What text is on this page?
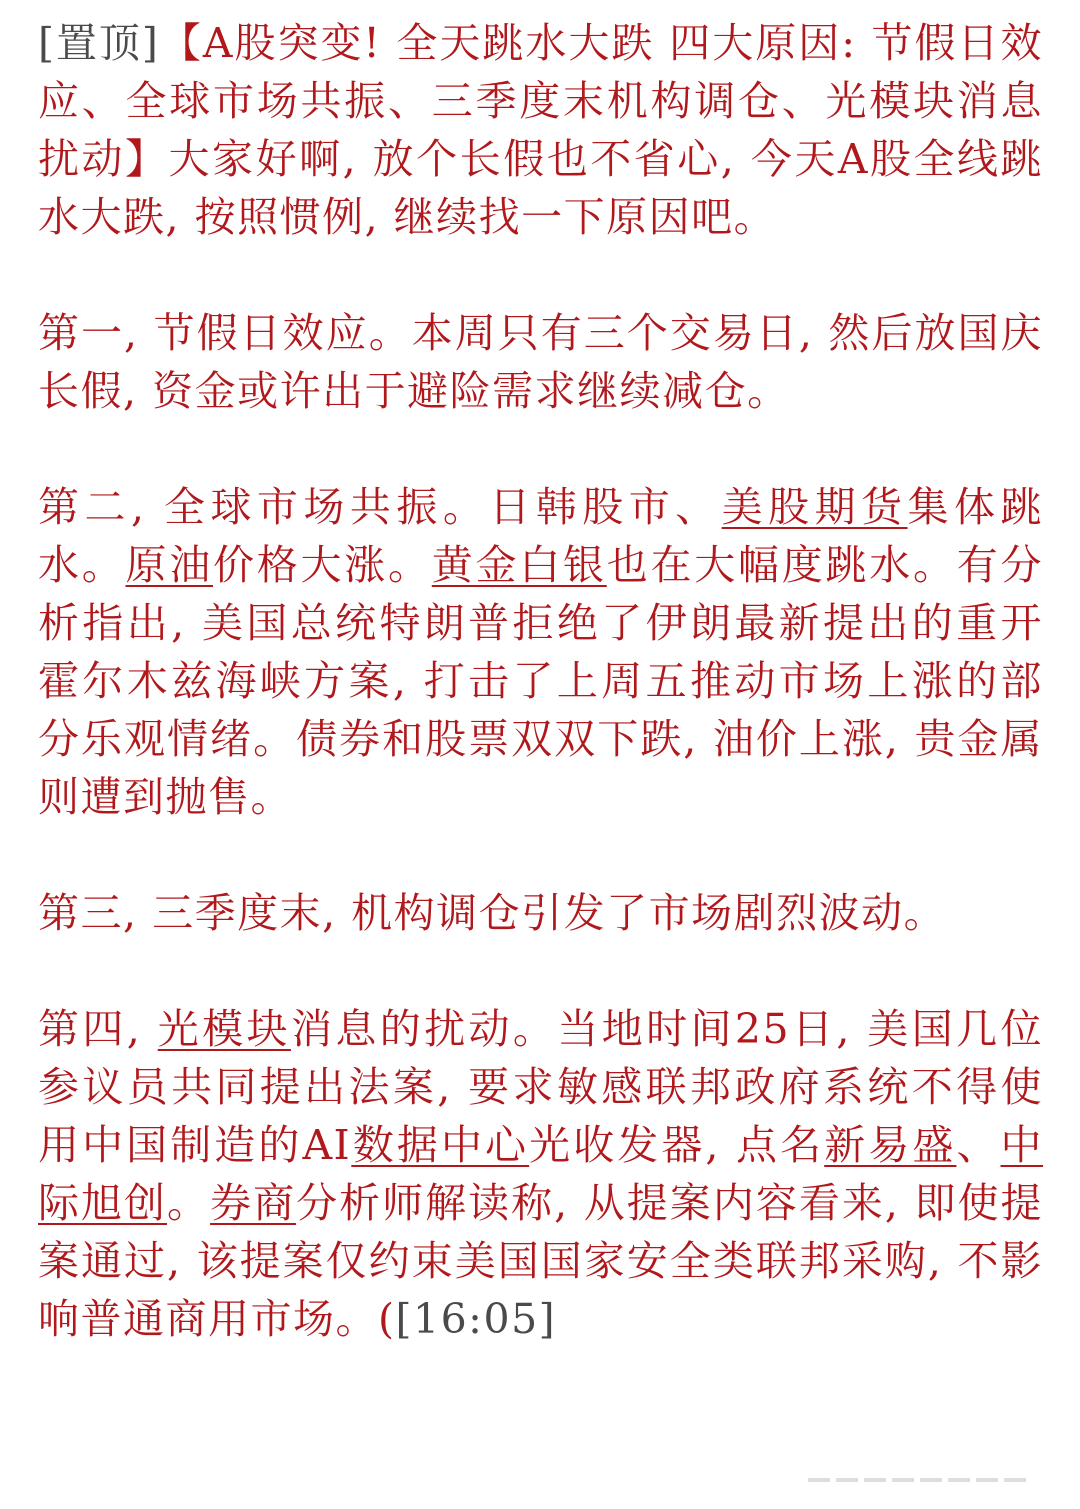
[置顶]【A股突变! 全天跳水大跌 四大原因: 节假日效应、全球市场共振、三季度末机构调仓、光模块消息扰动】大家好啊, 放个长假也不省心, 今天A股全线跳水大跌, 按照惯例, 继续找一下原因吧。

第一, 节假日效应。本周只有三个交易日, 然后放国庆长假, 资金或许出于避险需求继续减仓。

第二, 全球市场共振。日韩股市、美股期货集体跳水。原油价格大涨。黄金白银也在大幅度跳水。有分析指出, 美国总统特朗普拒绝了伊朗最新提出的重开霍尔木兹海峡方案, 打击了上周五推动市场上涨的部分乐观情绪。债券和股票双双下跌, 油价上涨, 贵金属则遭到抛售。

第三, 三季度末, 机构调仓引发了市场剧烈波动。

第四, 光模块消息的扰动。当地时间25日, 美国几位参议员共同提出法案, 要求敏感联邦政府系统不得使用中国制造的AI数据中心光收发器, 点名新易盛、中际旭创。券商分析师解读称, 从提案内容看来, 即使提案通过, 该提案仅约束美国国家安全类联邦采购, 不影响普通商用市场。([16:05]
